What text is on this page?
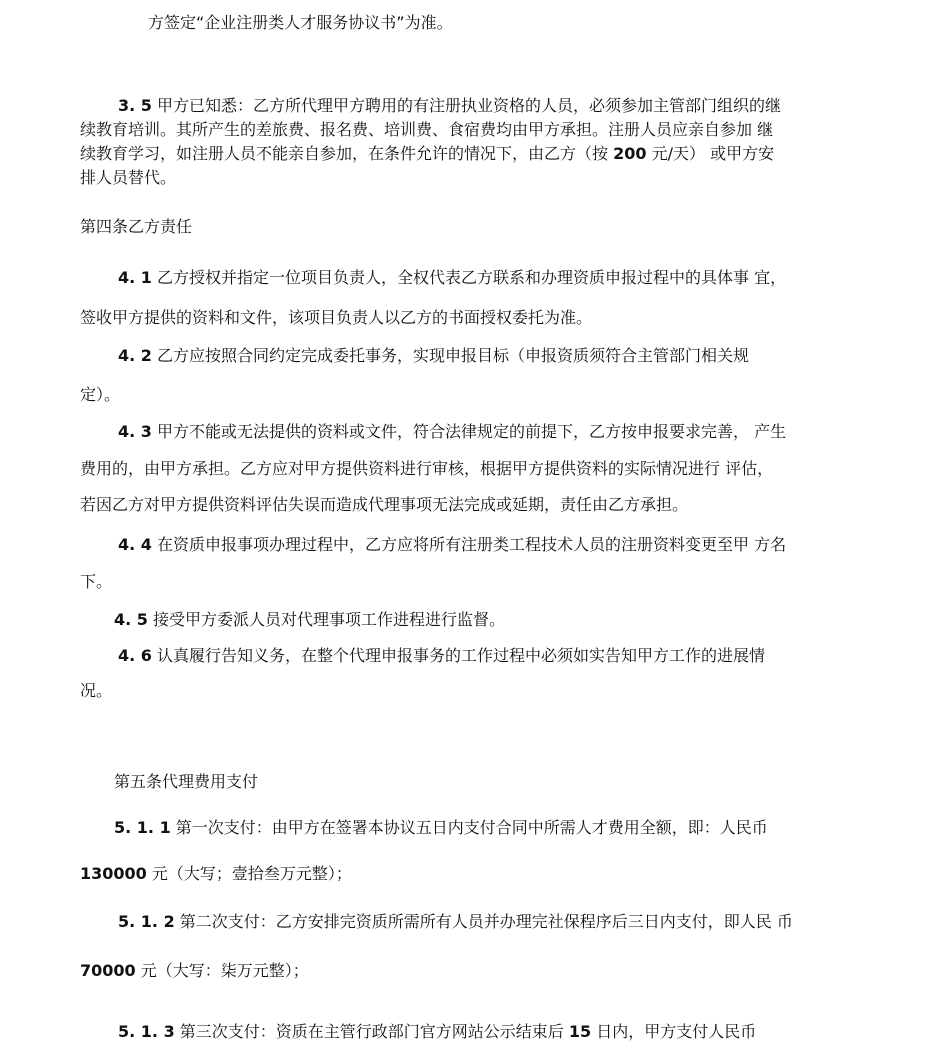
方签定“企业注册类人才服务协议书”为准。
3. 5 甲方已知悉：乙方所代理甲方聘用的有注册执业资格的人员，必须参加主管部门组织的继
续教育培训。其所产生的差旅费、报名费、培训费、食宿费均由甲方承担。注册人员应亲自参加 继
续教育学习，如注册人员不能亲自参加，在条件允许的情况下，由乙方（按 200 元/天） 或甲方安
排人员替代。
第四条乙方责任
4. 1 乙方授权并指定一位项目负责人，全权代表乙方联系和办理资质申报过程中的具体事 宜，
签收甲方提供的资料和文件，该项目负责人以乙方的书面授权委托为准。
4. 2 乙方应按照合同约定完成委托事务，实现申报目标（申报资质须符合主管部门相关规
定）。
4. 3 甲方不能或无法提供的资料或文件，符合法律规定的前提下，乙方按申报要求完善， 产生
费用的，由甲方承担。乙方应对甲方提供资料进行审核，根据甲方提供资料的实际情况进行 评估，
若因乙方对甲方提供资料评估失误而造成代理事项无法完成或延期，责任由乙方承担。
4. 4 在资质申报事项办理过程中，乙方应将所有注册类工程技术人员的注册资料变更至甲 方名
下。
4. 5 接受甲方委派人员对代理事项工作进程进行监督。
4. 6 认真履行告知义务，在整个代理申报事务的工作过程中必须如实告知甲方工作的进展情
况。
第五条代理费用支付
5. 1. 1 第一次支付：由甲方在签署本协议五日内支付合同中所需人才费用全额，即：人民币
130000 元（大写；壹拾叁万元整）；
5. 1. 2 第二次支付：乙方安排完资质所需所有人员并办理完社保程序后三日内支付，即人民 币
70000 元（大写：柒万元整）；
5. 1. 3 第三次支付：资质在主管行政部门官方网站公示结束后 15 日内，甲方支付人民币
